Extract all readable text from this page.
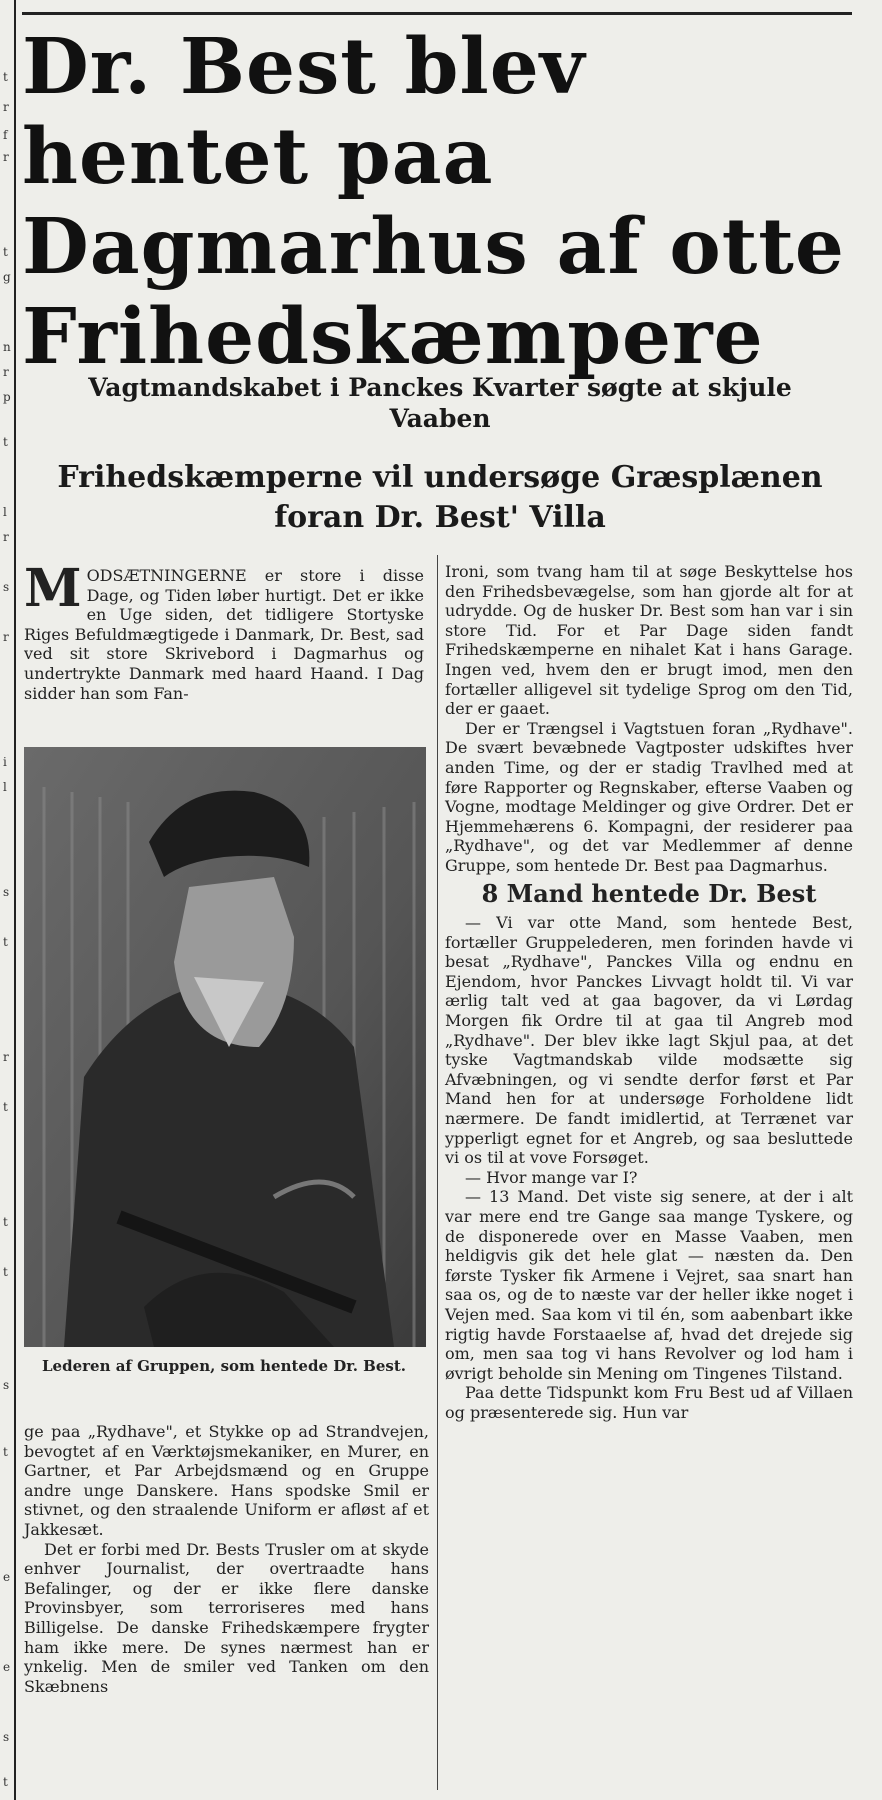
t
r
f
r
t
g
n
r
p
t
l
r
s
r
i
l
s
t
r
t
t
t
s
t
e
e
s
t
Dr. Best blev hentet paa Dagmarhus af otte Frihedskæmpere
Vagtmandskabet i Panckes Kvarter søgte at skjule Vaaben
Frihedskæmperne vil undersøge Græsplænen foran Dr. Best' Villa

MODSÆTNINGERNE er store i disse Dage, og Tiden løber hurtigt. Det er ikke en Uge siden, det tidligere Stortyske Riges Befuldmægtigede i Danmark, Dr. Best, sad ved sit store Skrivebord i Dagmarhus og undertrykte Danmark med haard Haand. I Dag sidder han som Fan-

Lederen af Gruppen, som hentede Dr. Best.

ge paa „Rydhave", et Stykke op ad Strandvejen, bevogtet af en Værktøjsmekaniker, en Murer, en Gartner, et Par Arbejdsmænd og en Gruppe andre unge Danskere. Hans spodske Smil er stivnet, og den straalende Uniform er afløst af et Jakkesæt.

Det er forbi med Dr. Bests Trusler om at skyde enhver Journalist, der overtraadte hans Befalinger, og der er ikke flere danske Provinsbyer, som terroriseres med hans Billigelse. De danske Frihedskæmpere frygter ham ikke mere. De synes nærmest han er ynkelig. Men de smiler ved Tanken om den Skæbnens

Ironi, som tvang ham til at søge Beskyttelse hos den Frihedsbevægelse, som han gjorde alt for at udrydde. Og de husker Dr. Best som han var i sin store Tid. For et Par Dage siden fandt Frihedskæmperne en nihalet Kat i hans Garage. Ingen ved, hvem den er brugt imod, men den fortæller alligevel sit tydelige Sprog om den Tid, der er gaaet.

Der er Trængsel i Vagtstuen foran „Rydhave". De svært bevæbnede Vagtposter udskiftes hver anden Time, og der er stadig Travlhed med at føre Rapporter og Regnskaber, efterse Vaaben og Vogne, modtage Meldinger og give Ordrer. Det er Hjemmehærens 6. Kompagni, der residerer paa „Rydhave", og det var Medlemmer af denne Gruppe, som hentede Dr. Best paa Dagmarhus.

8 Mand hentede Dr. Best

— Vi var otte Mand, som hentede Best, fortæller Gruppelederen, men forinden havde vi besat „Rydhave", Panckes Villa og endnu en Ejendom, hvor Panckes Livvagt holdt til. Vi var ærlig talt ved at gaa bagover, da vi Lørdag Morgen fik Ordre til at gaa til Angreb mod „Rydhave". Der blev ikke lagt Skjul paa, at det tyske Vagtmandskab vilde modsætte sig Afvæbningen, og vi sendte derfor først et Par Mand hen for at undersøge Forholdene lidt nærmere. De fandt imidlertid, at Terrænet var ypperligt egnet for et Angreb, og saa besluttede vi os til at vove Forsøget.

— Hvor mange var I?

— 13 Mand. Det viste sig senere, at der i alt var mere end tre Gange saa mange Tyskere, og de disponerede over en Masse Vaaben, men heldigvis gik det hele glat — næsten da. Den første Tysker fik Armene i Vejret, saa snart han saa os, og de to næste var der heller ikke noget i Vejen med. Saa kom vi til én, som aabenbart ikke rigtig havde Forstaaelse af, hvad det drejede sig om, men saa tog vi hans Revolver og lod ham i øvrigt beholde sin Mening om Tingenes Tilstand.

Paa dette Tidspunkt kom Fru Best ud af Villaen og præsenterede sig. Hun var
